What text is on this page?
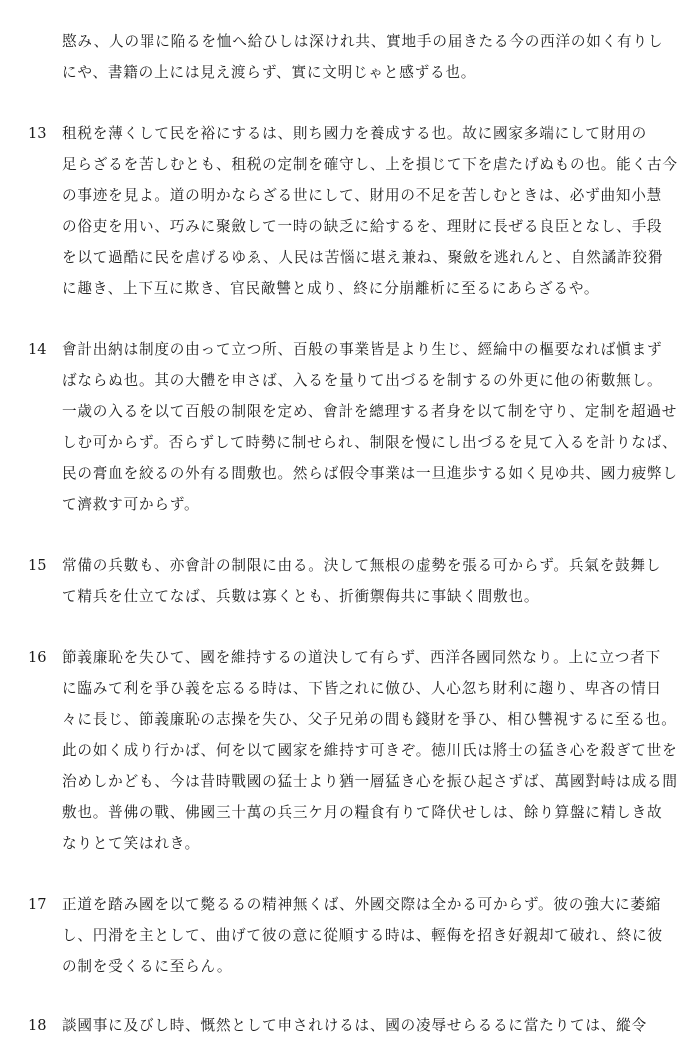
愍み、人の罪に陥るを恤へ給ひしは深けれ共、實地手の届きたる今の西洋の如く有りし
にや、書籍の上には見え渡らず、實に文明じゃと感ずる也。
13 租税を薄くして民を裕にするは、則ち國力を養成する也。故に國家多端にして財用の
足らざるを苦しむとも、租税の定制を確守し、上を損じて下を虐たげぬもの也。能く古今
の事迹を見よ。道の明かならざる世にして、財用の不足を苦しむときは、必ず曲知小慧
の俗吏を用い、巧みに聚斂して一時の缺乏に給するを、理財に長ぜる良臣となし、手段
を以て過酷に民を虐げるゆゑ、人民は苦惱に堪え兼ね、聚斂を逃れんと、自然譎詐狡猾
に趣き、上下互に欺き、官民敵讐と成り、終に分崩離析に至るにあらざるや。
14 會計出納は制度の由って立つ所、百般の事業皆是より生じ、經綸中の樞要なれば愼まず
ばならぬ也。其の大體を申さば、入るを量りて出づるを制するの外更に他の術數無し。
一歳の入るを以て百般の制限を定め、會計を總理する者身を以て制を守り、定制を超過せ
しむ可からず。否らずして時勢に制せられ、制限を慢にし出づるを見て入るを計りなば、
民の膏血を絞るの外有る間敷也。然らば假令事業は一旦進歩する如く見ゆ共、國力疲弊し
て濟救す可からず。
15 常備の兵數も、亦會計の制限に由る。決して無根の虚勢を張る可からず。兵氣を鼓舞し
て精兵を仕立てなば、兵數は寡くとも、折衝禦侮共に事缺く間敷也。
16 節義廉恥を失ひて、國を維持するの道決して有らず、西洋各國同然なり。上に立つ者下
に臨みて利を爭ひ義を忘るる時は、下皆之れに倣ひ、人心忽ち財利に趨り、卑吝の情日
々に長じ、節義廉恥の志操を失ひ、父子兄弟の間も錢財を爭ひ、相ひ讐視するに至る也。
此の如く成り行かば、何を以て國家を維持す可きぞ。徳川氏は將士の猛き心を殺ぎて世を
治めしかども、今は昔時戰國の猛士より猶一層猛き心を振ひ起さずば、萬國對峙は成る間
敷也。普佛の戰、佛國三十萬の兵三ケ月の糧食有りて降伏せしは、餘り算盤に精しき故
なりとて笑はれき。
17 正道を踏み國を以て斃るるの精神無くば、外國交際は全かる可からず。彼の強大に萎縮
し、円滑を主として、曲げて彼の意に從順する時は、輕侮を招き好親却て破れ、終に彼
の制を受くるに至らん。
18 談國事に及びし時、慨然として申されけるは、國の凌辱せらるるに當たりては、縱令
